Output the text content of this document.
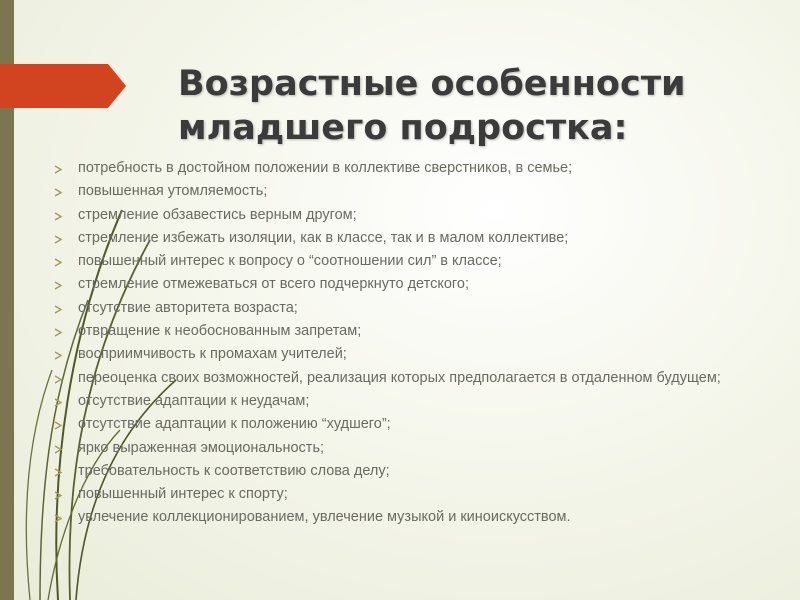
Возрастные особенности младшего подростка:
потребность в достойном положении в коллективе сверстников, в семье;
повышенная утомляемость;
стремление обзавестись верным другом;
стремление избежать изоляции, как в классе, так и в малом коллективе;
повышенный интерес к вопросу о “соотношении сил” в классе;
стремление отмежеваться от всего подчеркнуто детского;
отсутствие авторитета возраста;
отвращение к необоснованным запретам;
восприимчивость к промахам учителей;
переоценка своих возможностей, реализация которых предполагается в отдаленном будущем;
отсутствие адаптации к неудачам;
отсутствие адаптации к положению “худшего”;
ярко выраженная эмоциональность;
требовательность к соответствию слова делу;
повышенный интерес к спорту;
увлечение коллекционированием, увлечение музыкой и киноискусством.
